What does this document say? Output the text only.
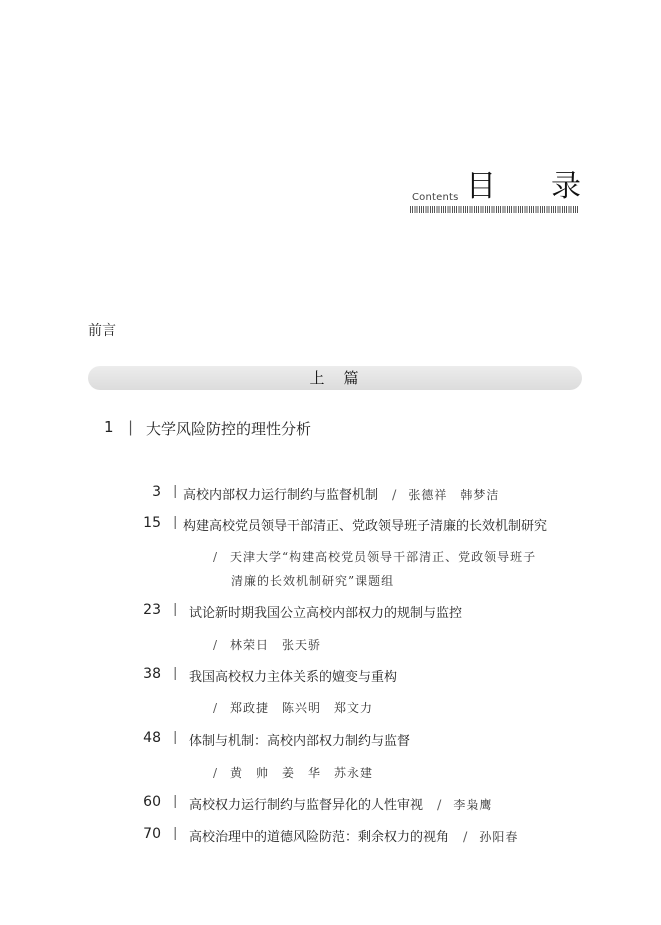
Contents 目 录
前言
上　篇
1 | 大学风险防控的理性分析
3 | 高校内部权力运行制约与监督机制 / 张德祥　韩梦洁
15 | 构建高校党员领导干部清正、党政领导班子清廉的长效机制研究
/ 天津大学“构建高校党员领导干部清正、党政领导班子
清廉的长效机制研究”课题组
23 | 试论新时期我国公立高校内部权力的规制与监控
/ 林荣日　张天骄
38 | 我国高校权力主体关系的嬗变与重构
/ 郑政捷　陈兴明　郑文力
48 | 体制与机制：高校内部权力制约与监督
/ 黄　帅　姜　华　苏永建
60 | 高校权力运行制约与监督异化的人性审视 / 李枭鹰
70 | 高校治理中的道德风险防范：剩余权力的视角 / 孙阳春
